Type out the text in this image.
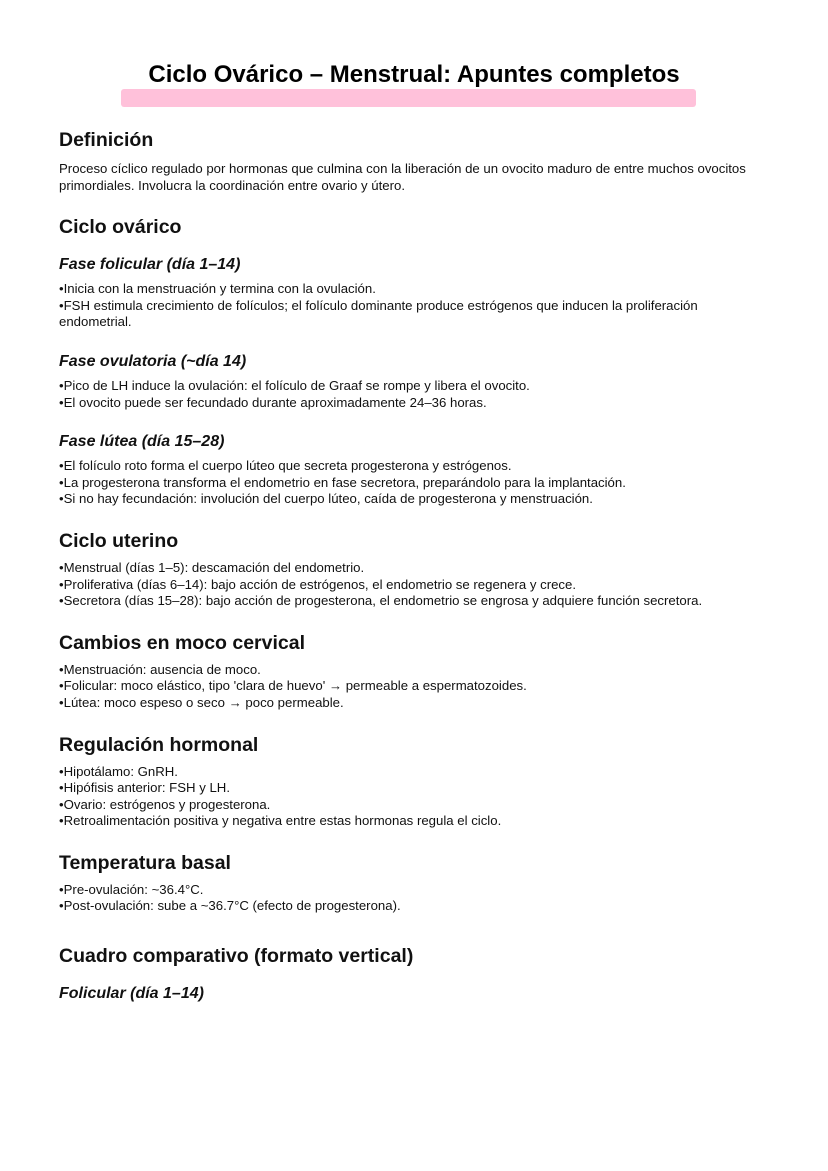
Ciclo Ovárico – Menstrual: Apuntes completos
Definición

Proceso cíclico regulado por hormonas que culmina con la liberación de un ovocito maduro de entre muchos ovocitos primordiales. Involucra la coordinación entre ovario y útero.

Ciclo ovárico
Fase folicular (día 1–14)
• Inicia con la menstruación y termina con la ovulación.
• FSH estimula crecimiento de folículos; el folículo dominante produce estrógenos que inducen la proliferación endometrial.
Fase ovulatoria (~día 14)
• Pico de LH induce la ovulación: el folículo de Graaf se rompe y libera el ovocito.
• El ovocito puede ser fecundado durante aproximadamente 24–36 horas.
Fase lútea (día 15–28)
• El folículo roto forma el cuerpo lúteo que secreta progesterona y estrógenos.
• La progesterona transforma el endometrio en fase secretora, preparándolo para la implantación.
• Si no hay fecundación: involución del cuerpo lúteo, caída de progesterona y menstruación.
Ciclo uterino
• Menstrual (días 1–5): descamación del endometrio.
• Proliferativa (días 6–14): bajo acción de estrógenos, el endometrio se regenera y crece.
• Secretora (días 15–28): bajo acción de progesterona, el endometrio se engrosa y adquiere función secretora.
Cambios en moco cervical
• Menstruación: ausencia de moco.
• Folicular: moco elástico, tipo 'clara de huevo' → permeable a espermatozoides.
• Lútea: moco espeso o seco → poco permeable.
Regulación hormonal
• Hipotálamo: GnRH.
• Hipófisis anterior: FSH y LH.
• Ovario: estrógenos y progesterona.
• Retroalimentación positiva y negativa entre estas hormonas regula el ciclo.
Temperatura basal
• Pre-ovulación: ~36.4°C.
• Post-ovulación: sube a ~36.7°C (efecto de progesterona).
Cuadro comparativo (formato vertical)
Folicular (día 1–14)
